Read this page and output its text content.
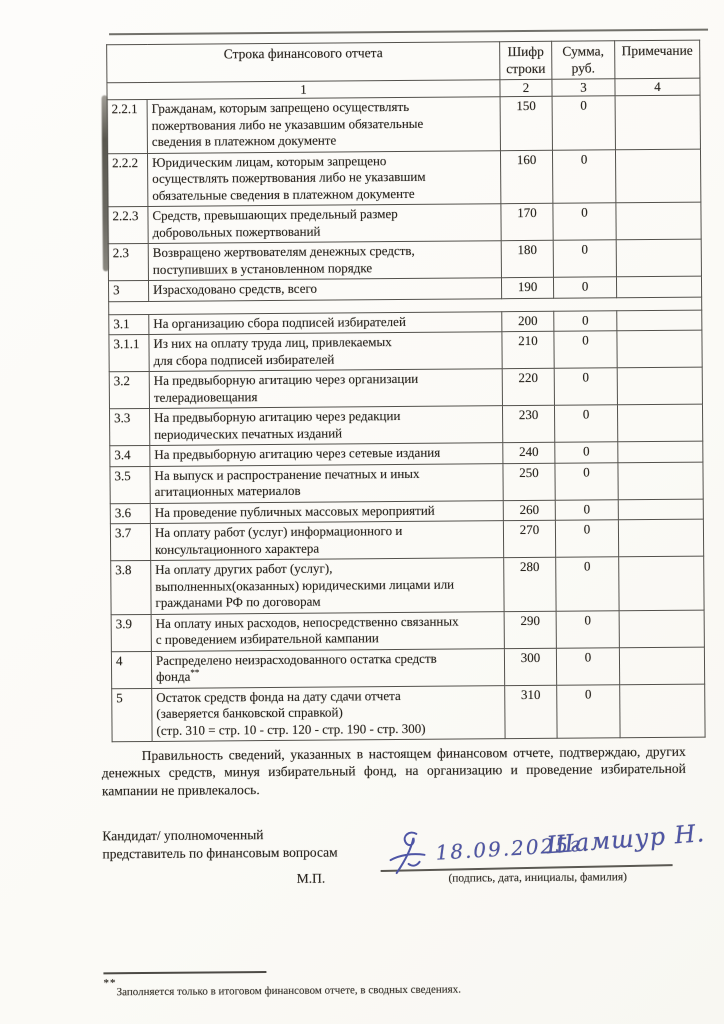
Строка финансового отчета		Шифр строки	Сумма, руб.	Примечание
1		2	3	4
2.2.1	Гражданам, которым запрещено осуществлять
пожертвования либо не указавшим обязательные
сведения в платежном документе	150	0	
2.2.2	Юридическим лицам, которым запрещено
осуществлять пожертвования либо не указавшим
обязательные сведения в платежном документе	160	0	
2.2.3	Средств, превышающих предельный размер
добровольных пожертвований	170	0	
2.3	Возвращено жертвователям денежных средств,
поступивших в установленном порядке	180	0	
3	Израсходовано средств, всего	190	0	

3.1	На организацию сбора подписей избирателей	200	0	
3.1.1	Из них на оплату труда лиц, привлекаемых
для сбора подписей избирателей	210	0	
3.2	На предвыборную агитацию через организации
телерадиовещания	220	0	
3.3	На предвыборную агитацию через редакции
периодических печатных изданий	230	0	
3.4	На предвыборную агитацию через сетевые издания	240	0	
3.5	На выпуск и распространение печатных и иных
агитационных материалов	250	0	
3.6	На проведение публичных массовых мероприятий	260	0	
3.7	На оплату работ (услуг) информационного и
консультационного характера	270	0	
3.8	На оплату других работ (услуг),
выполненных(оказанных) юридическими лицами или
гражданами РФ по договорам	280	0	
3.9	На оплату иных расходов, непосредственно связанных
с проведением избирательной кампании	290	0	
4	Распределено неизрасходованного остатка средств
фонда**	300	0	
5	Остаток средств фонда на дату сдачи отчета
(заверяется банковской справкой)
(стр. 310 = стр. 10 - стр. 120 - стр. 190 - стр. 300)	310	0	

Правильность сведений, указанных в настоящем финансовом отчете, подтверждаю, других денежных средств, минуя избирательный фонд, на организацию и проведение избирательной кампании не привлекалось.

Кандидат/ уполномоченный
представитель по финансовым вопросам
М.П.	(подпись, дата, инициалы, фамилия)
18.09.2025г.
Шамшур Н.
**
Заполняется только в итоговом финансовом отчете, в сводных сведениях.
